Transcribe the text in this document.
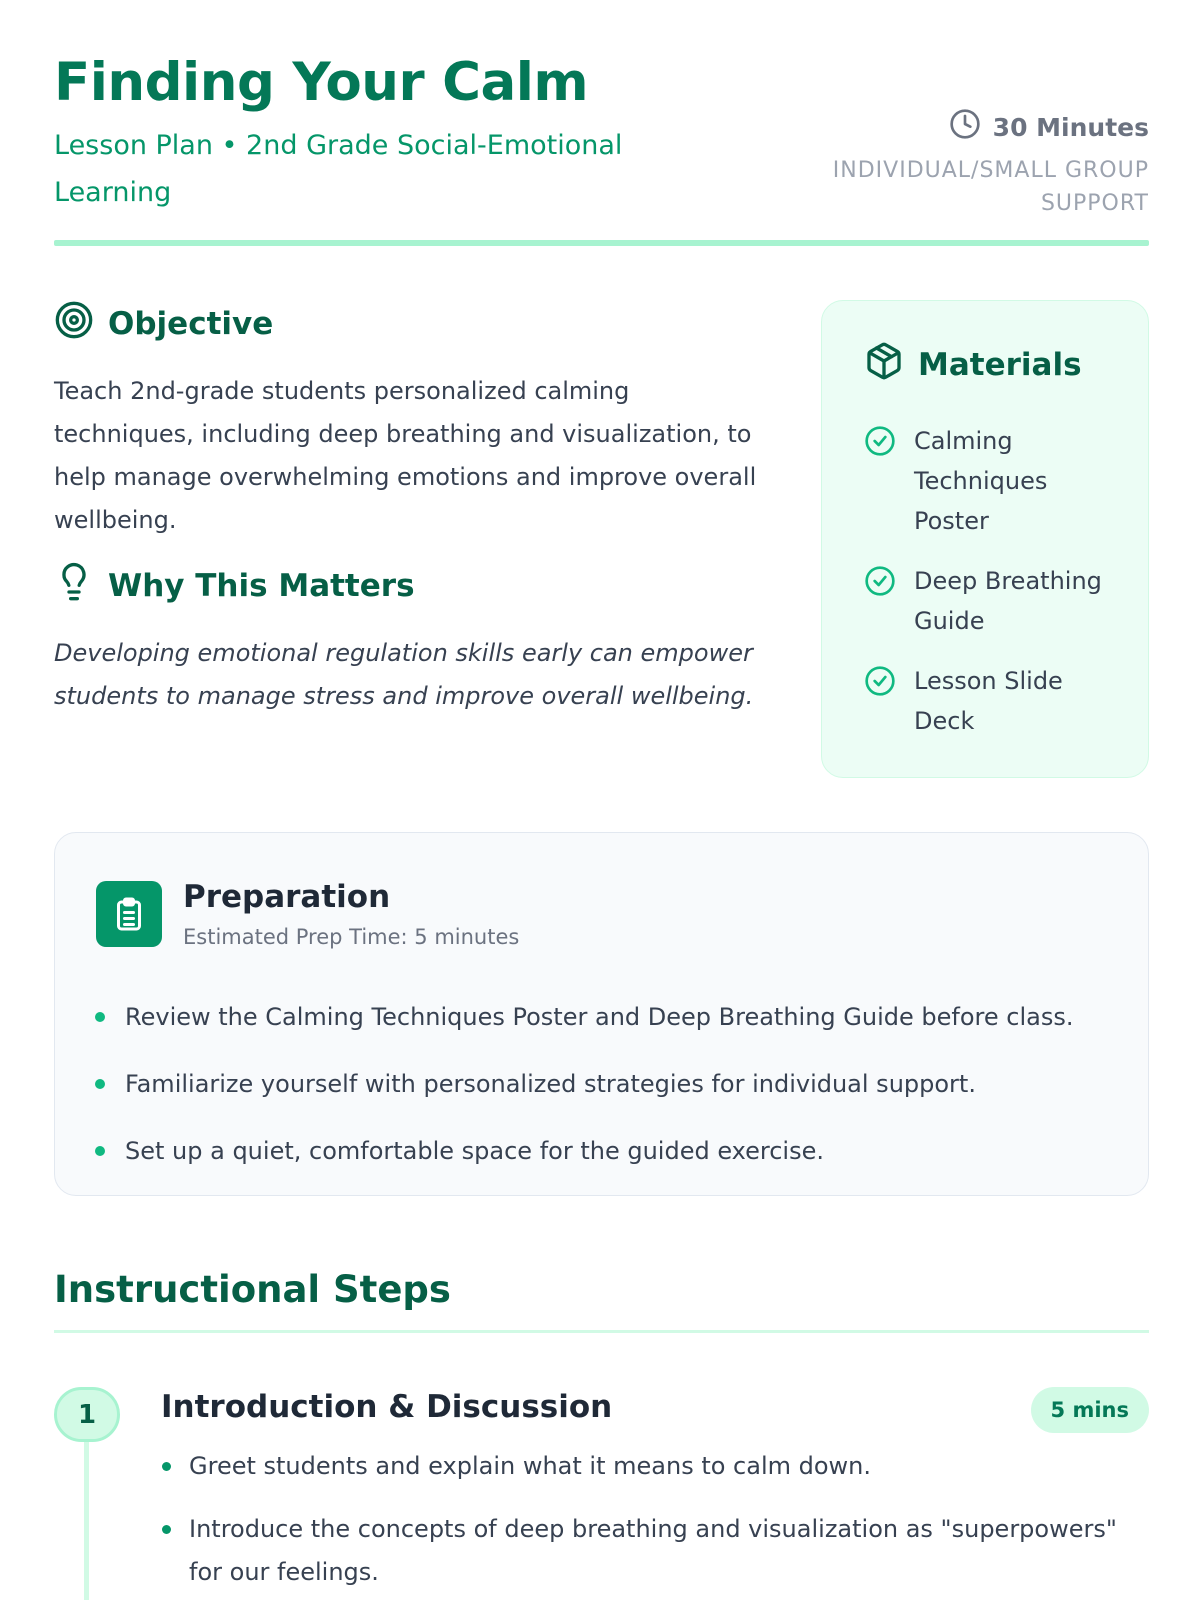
Finding Your Calm
Lesson Plan • 2nd Grade Social-Emotional Learning
30 Minutes
INDIVIDUAL/SMALL GROUP SUPPORT
Objective

Teach 2nd-grade students personalized calming techniques, including deep breathing and visualization, to help manage overwhelming emotions and improve overall wellbeing.

Why This Matters

Developing emotional regulation skills early can empower students to manage stress and improve overall wellbeing.

Materials
Calming Techniques Poster
Deep Breathing Guide
Lesson Slide Deck
Preparation
Estimated Prep Time: 5 minutes
Review the Calming Techniques Poster and Deep Breathing Guide before class.
Familiarize yourself with personalized strategies for individual support.
Set up a quiet, comfortable space for the guided exercise.
Instructional Steps
1	Introduction & Discussion	5 mins
Greet students and explain what it means to calm down.
Introduce the concepts of deep breathing and visualization as "superpowers" for our feelings.
